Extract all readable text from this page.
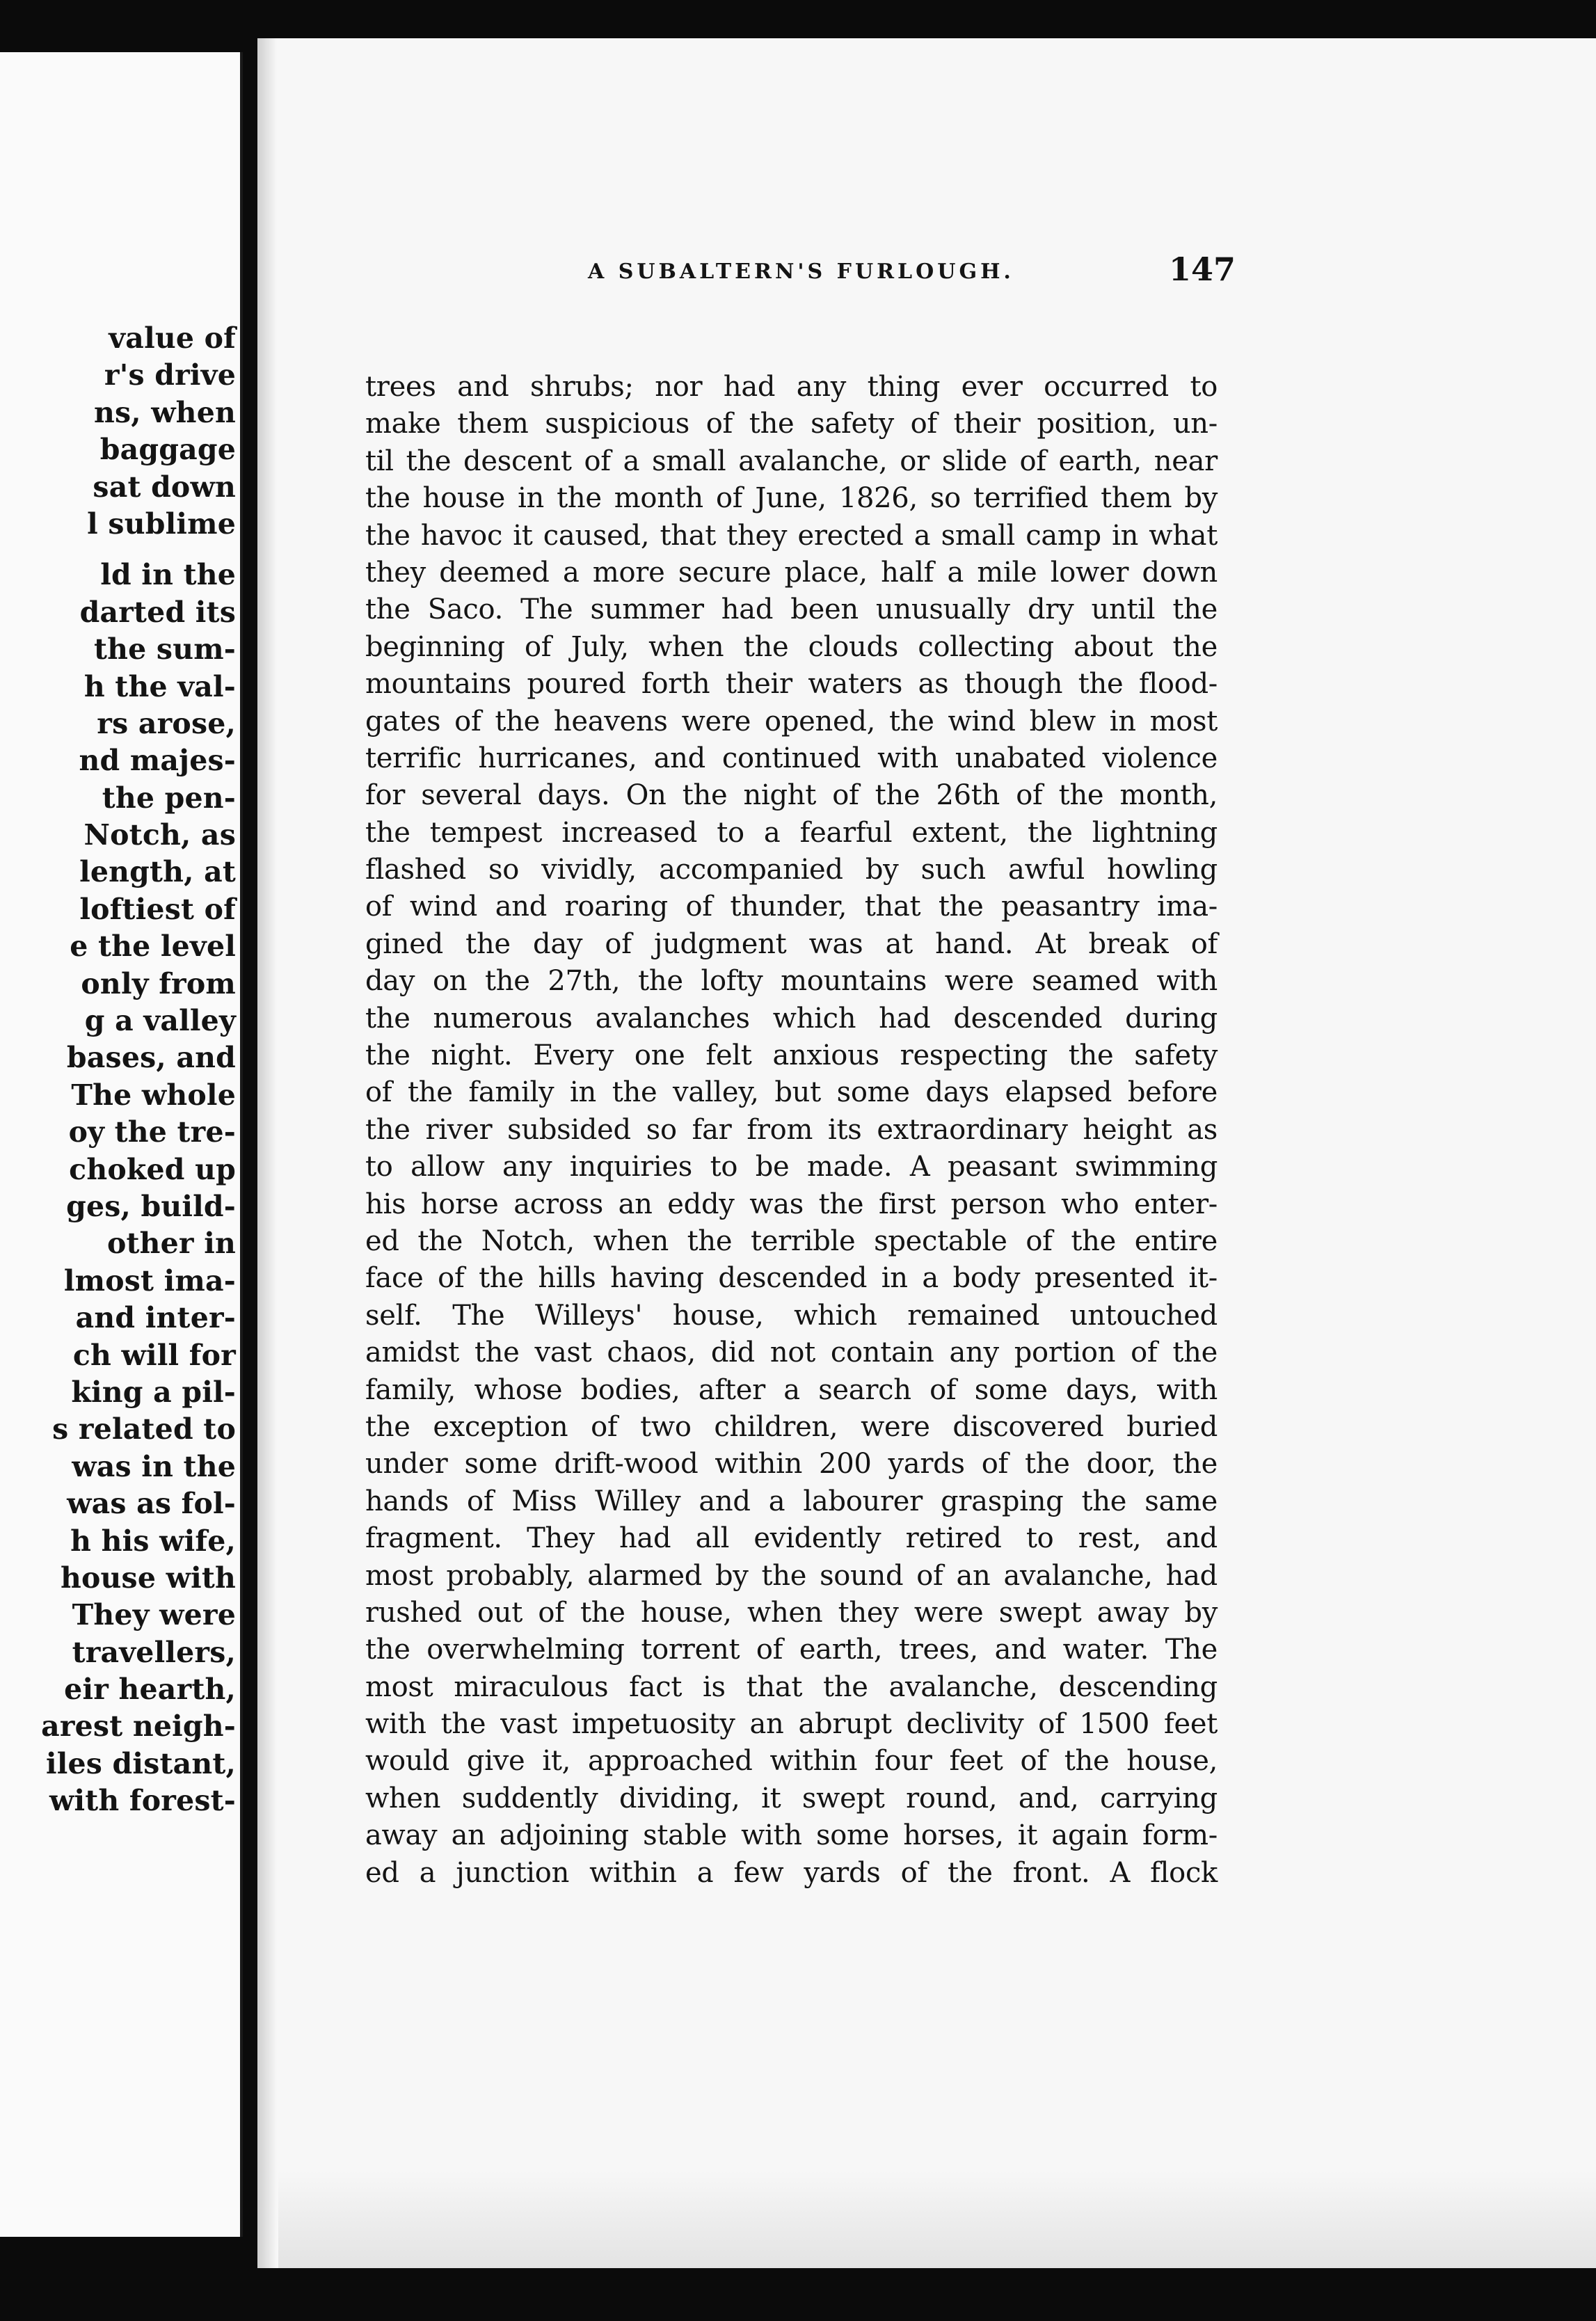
value of
r's drive
ns, when
baggage
sat down
l sublime
ld in the
darted its
the sum-
h the val-
rs arose,
nd majes-
the pen-
Notch, as
length, at
loftiest of
e the level
only from
g a valley
bases, and
The whole
oy the tre-
choked up
ges, build-
other in
lmost ima-
and inter-
ch will for
king a pil-
s related to
was in the
was as fol-
h his wife,
house with
They were
travellers,
eir hearth,
arest neigh-
iles distant,
with forest-
A SUBALTERN'S FURLOUGH.	147
trees and shrubs; nor had any thing ever occurred to
make them suspicious of the safety of their position, un-
til the descent of a small avalanche, or slide of earth, near
the house in the month of June, 1826, so terrified them by
the havoc it caused, that they erected a small camp in what
they deemed a more secure place, half a mile lower down
the Saco. The summer had been unusually dry until the
beginning of July, when the clouds collecting about the
mountains poured forth their waters as though the flood-
gates of the heavens were opened, the wind blew in most
terrific hurricanes, and continued with unabated violence
for several days. On the night of the 26th of the month,
the tempest increased to a fearful extent, the lightning
flashed so vividly, accompanied by such awful howling
of wind and roaring of thunder, that the peasantry ima-
gined the day of judgment was at hand. At break of
day on the 27th, the lofty mountains were seamed with
the numerous avalanches which had descended during
the night. Every one felt anxious respecting the safety
of the family in the valley, but some days elapsed before
the river subsided so far from its extraordinary height as
to allow any inquiries to be made. A peasant swimming
his horse across an eddy was the first person who enter-
ed the Notch, when the terrible spectable of the entire
face of the hills having descended in a body presented it-
self. The Willeys' house, which remained untouched
amidst the vast chaos, did not contain any portion of the
family, whose bodies, after a search of some days, with
the exception of two children, were discovered buried
under some drift-wood within 200 yards of the door, the
hands of Miss Willey and a labourer grasping the same
fragment. They had all evidently retired to rest, and
most probably, alarmed by the sound of an avalanche, had
rushed out of the house, when they were swept away by
the overwhelming torrent of earth, trees, and water. The
most miraculous fact is that the avalanche, descending
with the vast impetuosity an abrupt declivity of 1500 feet
would give it, approached within four feet of the house,
when suddently dividing, it swept round, and, carrying
away an adjoining stable with some horses, it again form-
ed a junction within a few yards of the front. A flock
